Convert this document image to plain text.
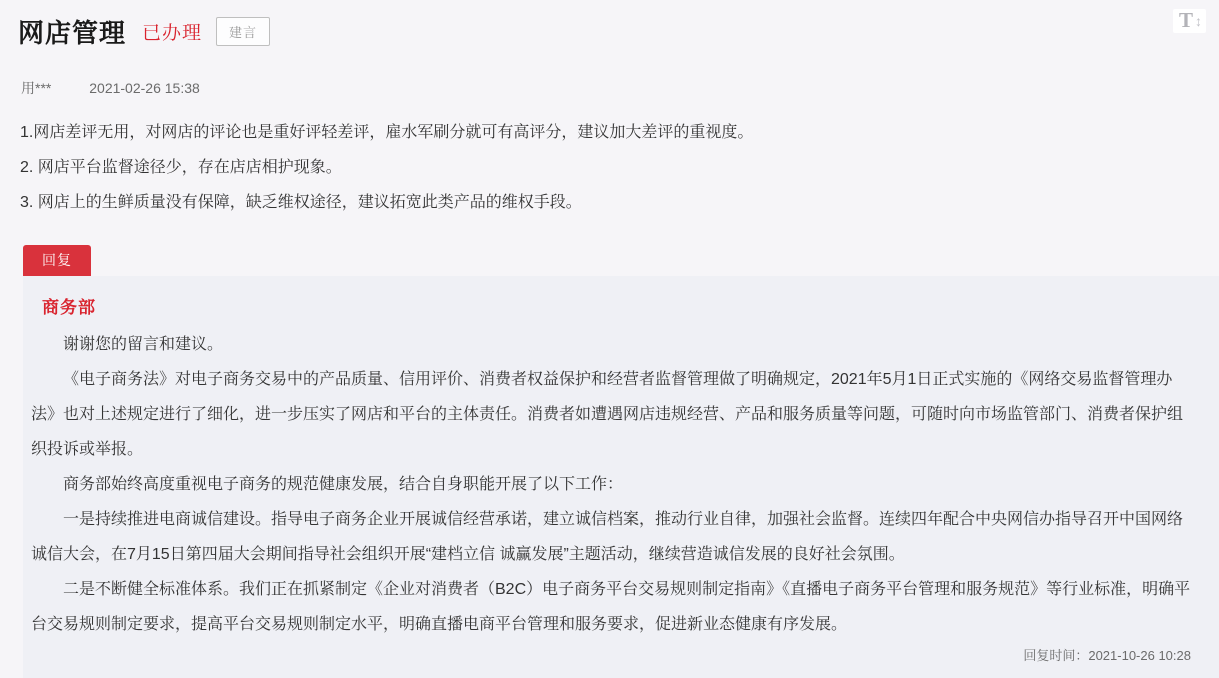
网店管理 已办理	建言
T ↕
用***	2021-02-26 15:38

1.网店差评无用，对网店的评论也是重好评轻差评，雇水军刷分就可有高评分，建议加大差评的重视度。

2. 网店平台监督途径少，存在店店相护现象。

3. 网店上的生鲜质量没有保障，缺乏维权途径，建议拓宽此类产品的维权手段。

回复
商务部

谢谢您的留言和建议。

《电子商务法》对电子商务交易中的产品质量、信用评价、消费者权益保护和经营者监督管理做了明确规定，2021年5月1日正式实施的《网络交易监督管理办法》也对上述规定进行了细化，进一步压实了网店和平台的主体责任。消费者如遭遇网店违规经营、产品和服务质量等问题，可随时向市场监管部门、消费者保护组织投诉或举报。

商务部始终高度重视电子商务的规范健康发展，结合自身职能开展了以下工作：

一是持续推进电商诚信建设。指导电子商务企业开展诚信经营承诺，建立诚信档案，推动行业自律，加强社会监督。连续四年配合中央网信办指导召开中国网络诚信大会，在7月15日第四届大会期间指导社会组织开展“建档立信 诚赢发展”主题活动，继续营造诚信发展的良好社会氛围。

二是不断健全标准体系。我们正在抓紧制定《企业对消费者（B2C）电子商务平台交易规则制定指南》《直播电子商务平台管理和服务规范》等行业标准，明确平台交易规则制定要求，提高平台交易规则制定水平，明确直播电商平台管理和服务要求，促进新业态健康有序发展。

回复时间：2021-10-26 10:28
